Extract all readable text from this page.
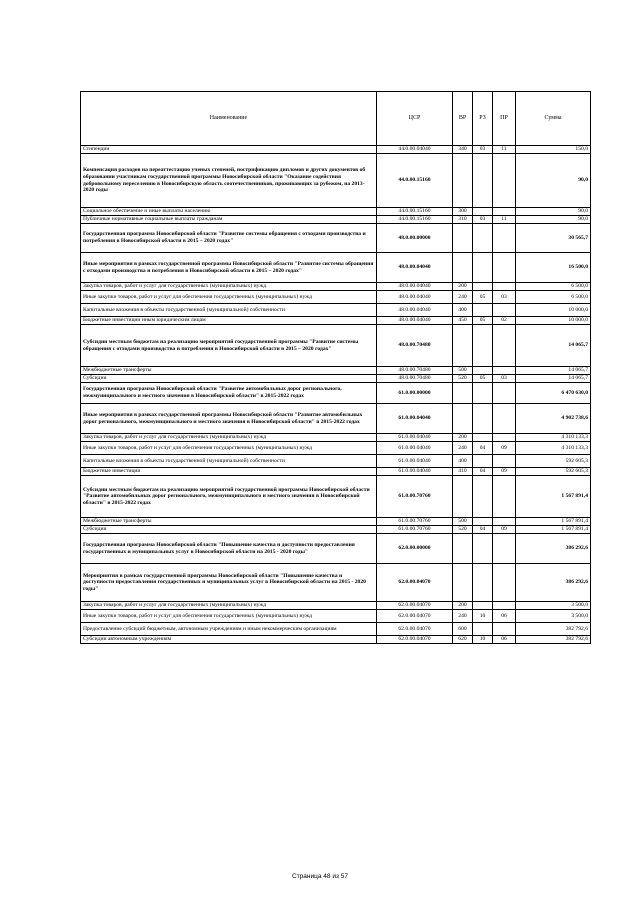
Наименование	ЦСР	ВР	РЗ	ПР	Сумма
Стипендии	44.0.00.04040	340	03	11	150,0
Компенсация расходов на переаттестацию ученых степеней, нострификацию дипломов и других документов об образовании участникам государственной программы Новосибирской области "Оказание содействия добровольному переселению в Новосибирскую область соотечественников, проживающих за рубежом, на 2013-2020 годы	44.0.00.15160				90,0
Социальное обеспечение и иные выплаты населению	44.0.00.15160	300			90,0
Публичные нормативные социальные выплаты гражданам	44.0.00.15160	310	03	11	90,0
Государственная программа Новосибирской области "Развитие системы обращения с отходами производства и потребления в Новосибирской области в 2015 – 2020 годах"	48.0.00.00000				30 565,7
Иные мероприятия в рамках государственной программы Новосибирской области "Развитие системы обращения с отходами производства и потребления в Новосибирской области в 2015 – 2020 годах"	48.0.00.04040				16 500,0
Закупка товаров, работ и услуг для государственных (муниципальных) нужд	48.0.00.04040	200			6 500,0
Иные закупки товаров, работ и услуг для обеспечения государственных (муниципальных) нужд	48.0.00.04040	240	05	03	6 500,0
Капитальные вложения в объекты государственной (муниципальной) собственности	48.0.00.04040	400			10 000,0
Бюджетные инвестиции иным юридическим лицам	48.0.00.04040	450	05	02	10 000,0
Субсидии местным бюджетам на реализацию мероприятий государственной программы "Развитие системы обращения с отходами производства и потребления в Новосибирской области в 2015 – 2020 годах"	48.0.00.70480				14 065,7
Межбюджетные трансферты	48.0.00.70480	500			14 065,7
Субсидии	48.0.00.70480	520	05	03	14 065,7
Государственная программа Новосибирской области "Развитие автомобильных дорог регионального, межмуниципального и местного значения в Новосибирской области" в 2015-2022 годах	61.0.00.00000				6 470 630,0
Иные мероприятия в рамках государственной программы Новосибирской области "Развитие автомобильных дорог регионального, межмуниципального и местного значения в Новосибирской области" в 2015-2022 годах	61.0.00.04040				4 902 738,6
Закупка товаров, работ и услуг для государственных (муниципальных) нужд	61.0.00.04040	200			4 310 133,3
Иные закупки товаров, работ и услуг для обеспечения государственных (муниципальных) нужд	61.0.00.04040	240	04	09	4 310 133,3
Капитальные вложения в объекты государственной (муниципальной) собственности	61.0.00.04040	400			592 605,3
Бюджетные инвестиции	61.0.00.04040	410	04	09	592 605,3
Субсидии местным бюджетам на реализацию мероприятий государственной программы Новосибирской области "Развитие автомобильных дорог регионального, межмуниципального и местного значения в Новосибирской области" в 2015-2022 годах	61.0.00.70760				1 567 891,4
Межбюджетные трансферты	61.0.00.70760	500			1 567 891,4
Субсидии	61.0.00.70760	520	04	09	1 567 891,4
Государственная программа Новосибирской области "Повышение качества и доступности предоставления государственных и муниципальных услуг в Новосибирской области на 2015 - 2020 годы"	62.0.00.00000				386 292,6
Мероприятия в рамках государственной программы Новосибирской области "Повышение качества и доступности предоставления государственных и муниципальных услуг в Новосибирской области на 2015 - 2020 годы"	62.0.00.04070				386 292,6
Закупка товаров, работ и услуг для государственных (муниципальных) нужд	62.0.00.04070	200			3 500,0
Иные закупки товаров, работ и услуг для обеспечения государственных (муниципальных) нужд	62.0.00.04070	240	10	06	3 500,0
Предоставление субсидий бюджетным, автономным учреждениям и иным некоммерческим организациям	62.0.00.04070	600			382 792,6
Субсидии автономным учреждениям	62.0.00.04070	620	10	06	382 792,6
Страница 48 из 57
